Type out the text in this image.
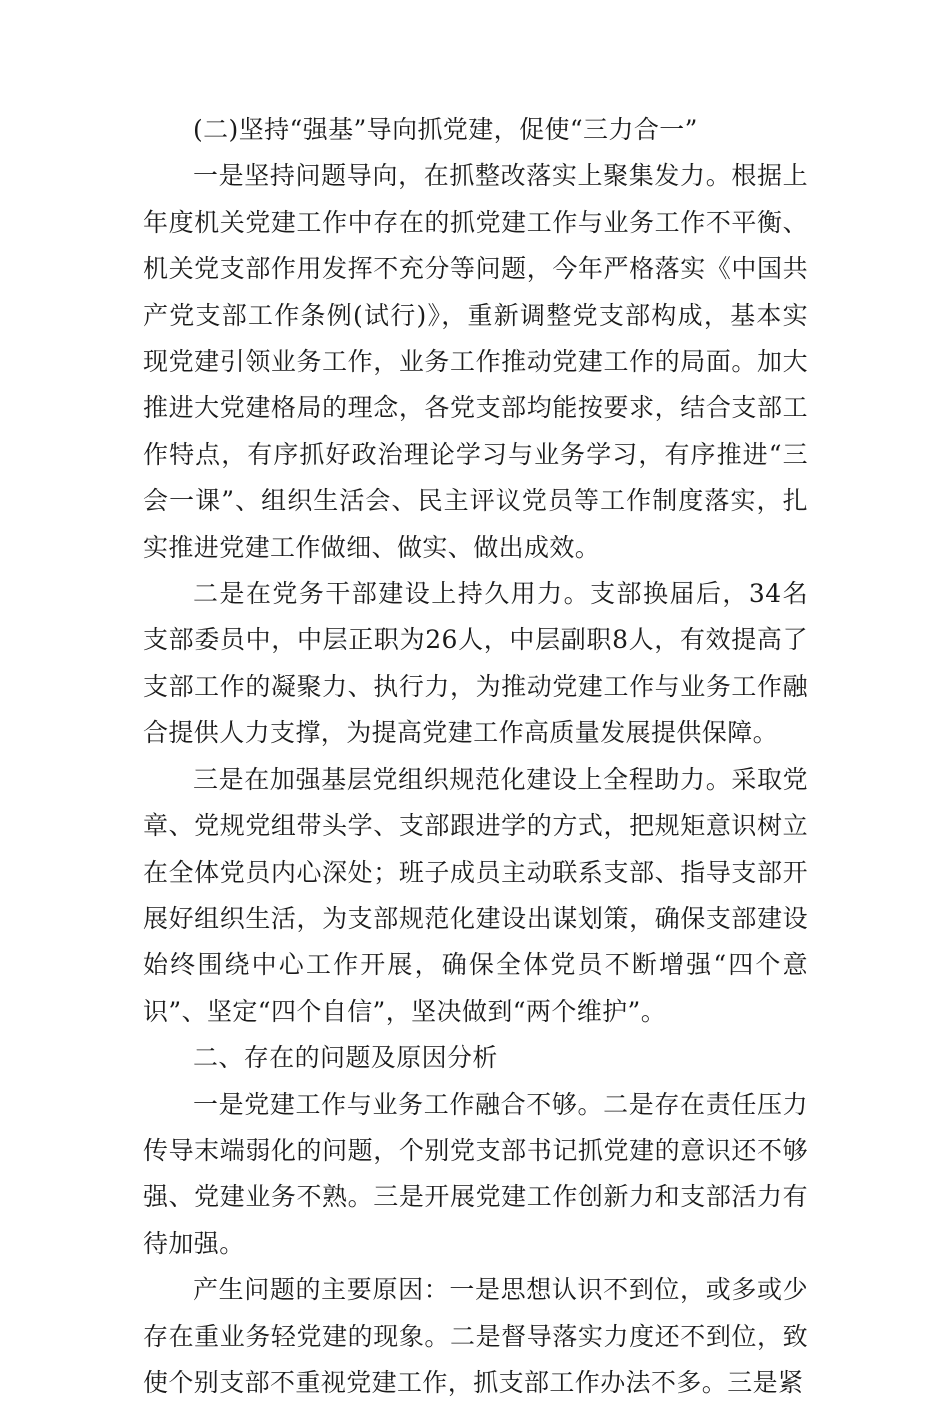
(二)坚持“强基”导向抓党建，促使“三力合一”

一是坚持问题导向，在抓整改落实上聚集发力。根据上年度机关党建工作中存在的抓党建工作与业务工作不平衡、机关党支部作用发挥不充分等问题，今年严格落实《中国共产党支部工作条例(试行)》，重新调整党支部构成，基本实现党建引领业务工作，业务工作推动党建工作的局面。加大推进大党建格局的理念，各党支部均能按要求，结合支部工作特点，有序抓好政治理论学习与业务学习，有序推进“三会一课”、组织生活会、民主评议党员等工作制度落实，扎实推进党建工作做细、做实、做出成效。

二是在党务干部建设上持久用力。支部换届后，34名支部委员中，中层正职为26人，中层副职8人，有效提高了支部工作的凝聚力、执行力，为推动党建工作与业务工作融合提供人力支撑，为提高党建工作高质量发展提供保障。

三是在加强基层党组织规范化建设上全程助力。采取党章、党规党组带头学、支部跟进学的方式，把规矩意识树立在全体党员内心深处；班子成员主动联系支部、指导支部开展好组织生活，为支部规范化建设出谋划策，确保支部建设始终围绕中心工作开展，确保全体党员不断增强“四个意识”、坚定“四个自信”，坚决做到“两个维护”。

二、存在的问题及原因分析

一是党建工作与业务工作融合不够。二是存在责任压力传导末端弱化的问题，个别党支部书记抓党建的意识还不够强、党建业务不熟。三是开展党建工作创新力和支部活力有待加强。

产生问题的主要原因：一是思想认识不到位，或多或少存在重业务轻党建的现象。二是督导落实力度还不到位，致使个别支部不重视党建工作，抓支部工作办法不多。三是紧
